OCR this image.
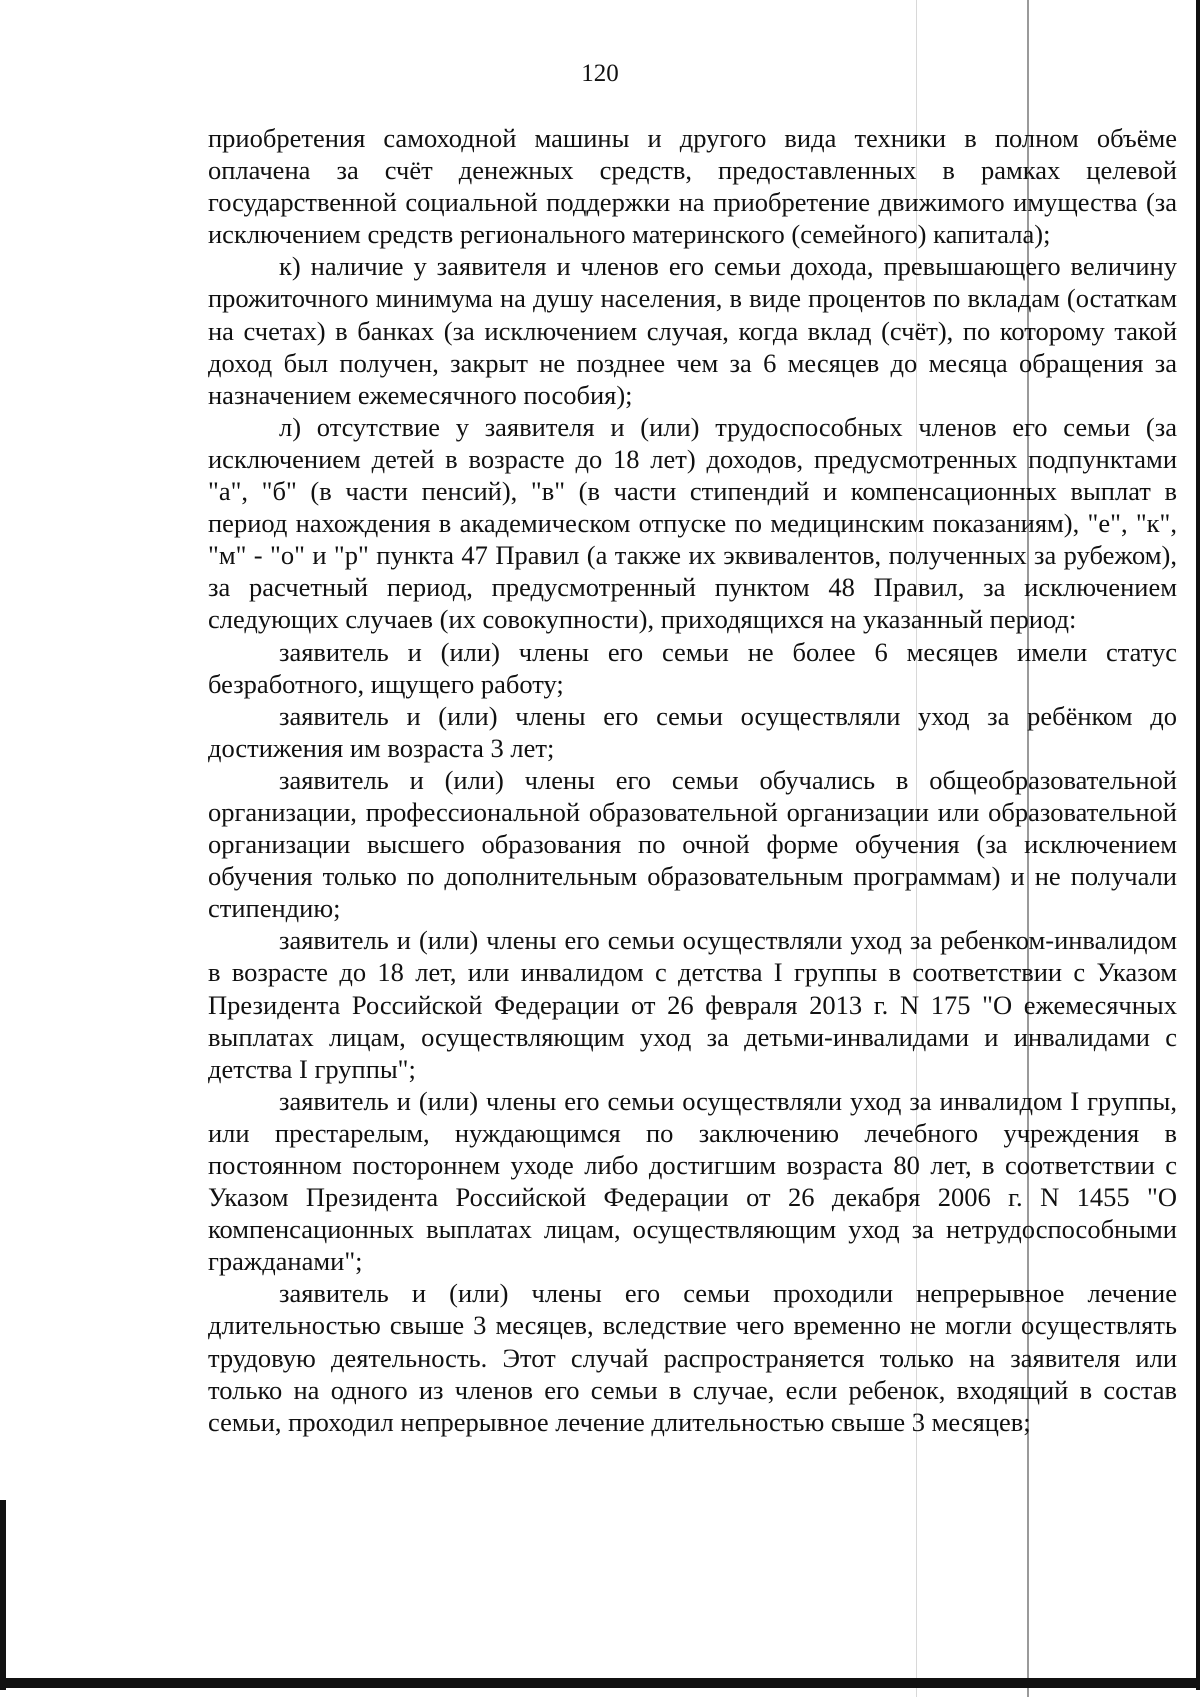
120

приобретения самоходной машины и другого вида техники в полном объёме оплачена за счёт денежных средств, предоставленных в рамках целевой государственной социальной поддержки на приобретение движимого имущества (за исключением средств регионального материнского (семейного) капитала);

к) наличие у заявителя и членов его семьи дохода, превышающего величину прожиточного минимума на душу населения, в виде процентов по вкладам (остаткам на счетах) в банках (за исключением случая, когда вклад (счёт), по которому такой доход был получен, закрыт не позднее чем за 6 месяцев до месяца обращения за назначением ежемесячного пособия);

л) отсутствие у заявителя и (или) трудоспособных членов его семьи (за исключением детей в возрасте до 18 лет) доходов, предусмотренных подпунктами "а", "б" (в части пенсий), "в" (в части стипендий и компенсационных выплат в период нахождения в академическом отпуске по медицинским показаниям), "е", "к", "м" - "о" и "р" пункта 47 Правил (а также их эквивалентов, полученных за рубежом), за расчетный период, предусмотренный пунктом 48 Правил, за исключением следующих случаев (их совокупности), приходящихся на указанный период:

заявитель и (или) члены его семьи не более 6 месяцев имели статус безработного, ищущего работу;

заявитель и (или) члены его семьи осуществляли уход за ребёнком до достижения им возраста 3 лет;

заявитель и (или) члены его семьи обучались в общеобразовательной организации, профессиональной образовательной организации или образовательной организации высшего образования по очной форме обучения (за исключением обучения только по дополнительным образовательным программам) и не получали стипендию;

заявитель и (или) члены его семьи осуществляли уход за ребенком-инвалидом в возрасте до 18 лет, или инвалидом с детства I группы в соответствии с Указом Президента Российской Федерации от 26 февраля 2013 г. N 175 "О ежемесячных выплатах лицам, осуществляющим уход за детьми-инвалидами и инвалидами с детства I группы";

заявитель и (или) члены его семьи осуществляли уход за инвалидом I группы, или престарелым, нуждающимся по заключению лечебного учреждения в постоянном постороннем уходе либо достигшим возраста 80 лет, в соответствии с Указом Президента Российской Федерации от 26 декабря 2006 г. N 1455 "О компенсационных выплатах лицам, осуществляющим уход за нетрудоспособными гражданами";

заявитель и (или) члены его семьи проходили непрерывное лечение длительностью свыше 3 месяцев, вследствие чего временно не могли осуществлять трудовую деятельность. Этот случай распространяется только на заявителя или только на одного из членов его семьи в случае, если ребенок, входящий в состав семьи, проходил непрерывное лечение длительностью свыше 3 месяцев;
